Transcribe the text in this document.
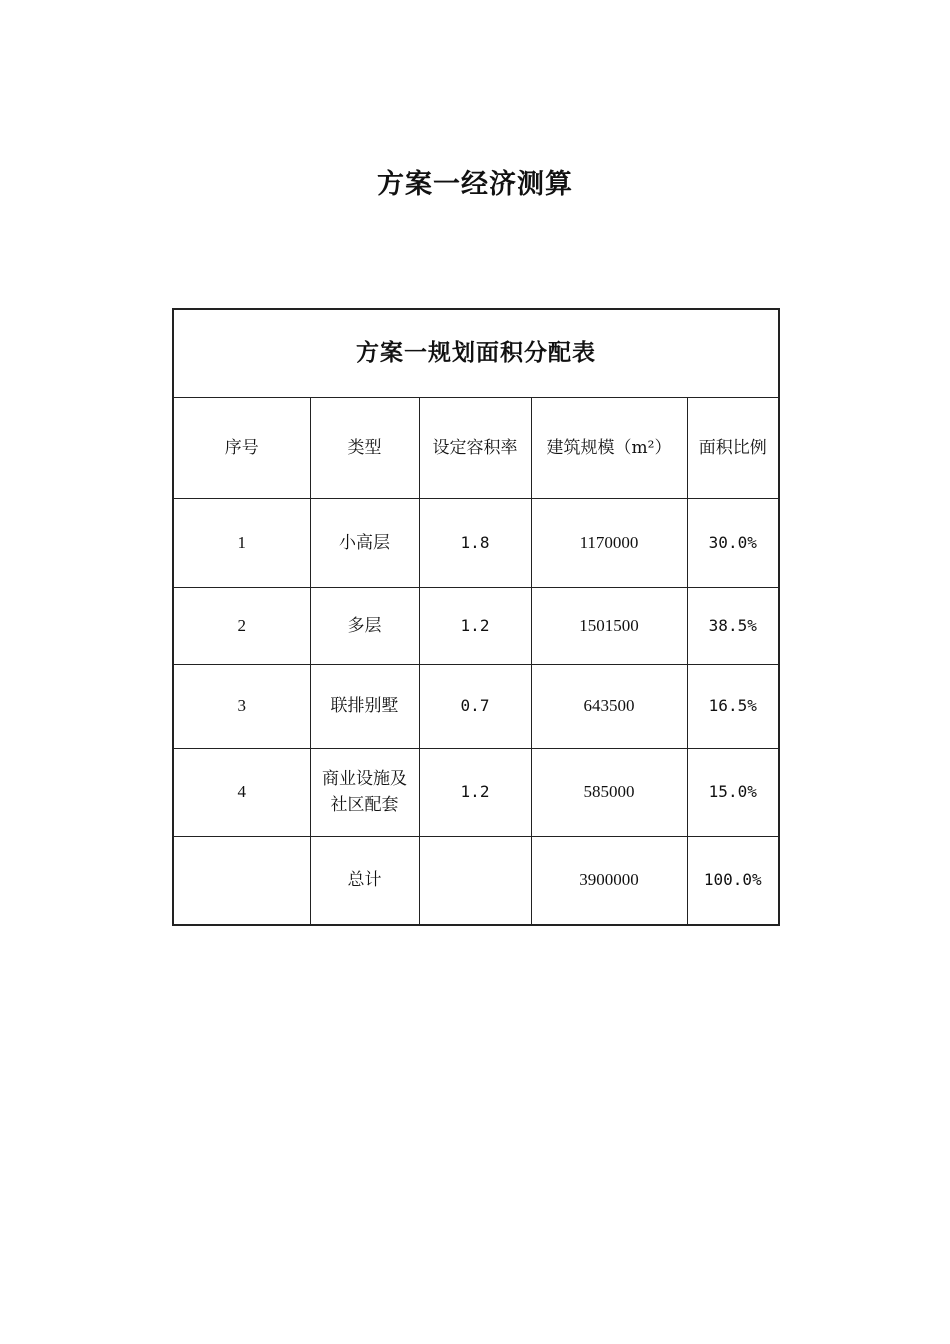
方案一经济测算
方案一规划面积分配表				
序号	类型	设定容积率	建筑规模（m²）	面积比例
1	小高层	1.8	1170000	30.0%
2	多层	1.2	1501500	38.5%
3	联排别墅	0.7	643500	16.5%
4	商业设施及社区配套	1.2	585000	15.0%
	总计		3900000	100.0%
